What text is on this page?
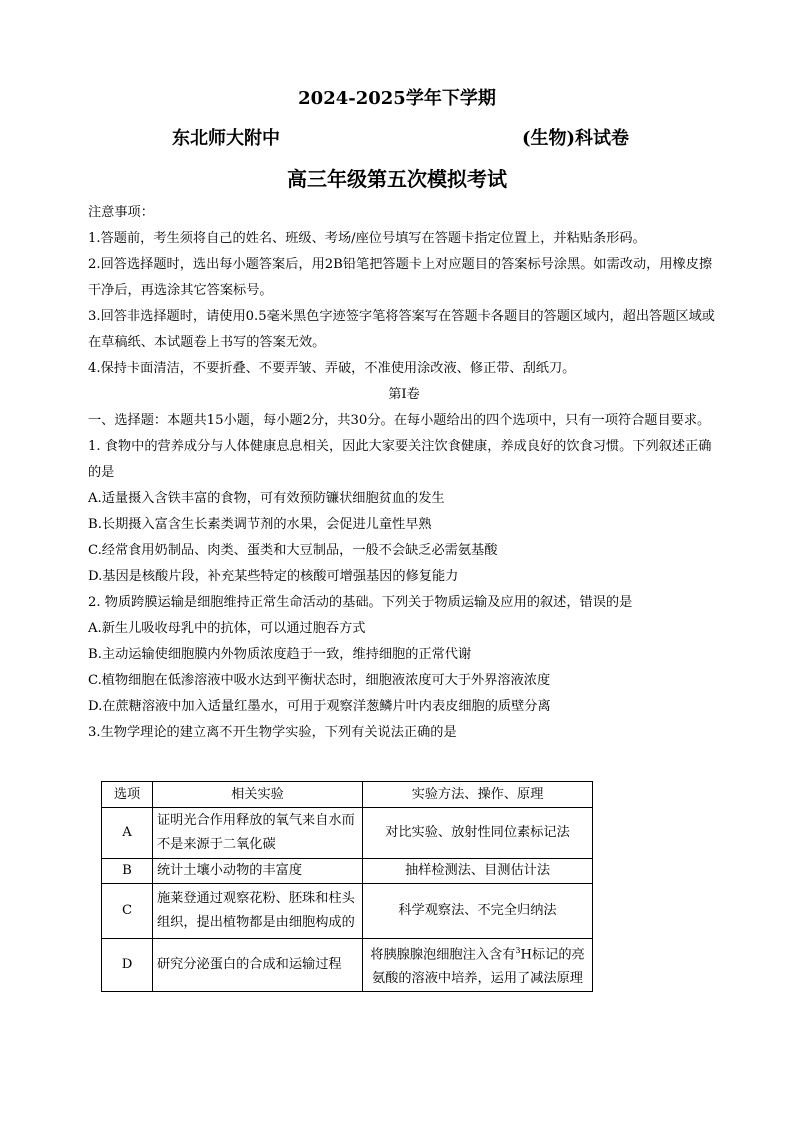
2024-2025学年下学期
东北师大附中	(生物)科试卷
高三年级第五次模拟考试

注意事项：

1.答题前，考生须将自己的姓名、班级、考场/座位号填写在答题卡指定位置上，并粘贴条形码。

2.回答选择题时，选出每小题答案后，用2B铅笔把答题卡上对应题目的答案标号涂黑。如需改动，用橡皮擦干净后，再选涂其它答案标号。

3.回答非选择题时，请使用0.5毫米黑色字迹签字笔将答案写在答题卡各题目的答题区域内，超出答题区域或在草稿纸、本试题卷上书写的答案无效。

4.保持卡面清洁，不要折叠、不要弄皱、弄破，不准使用涂改液、修正带、刮纸刀。

第Ⅰ卷

一、选择题：本题共15小题，每小题2分，共30分。在每小题给出的四个选项中，只有一项符合题目要求。

1. 食物中的营养成分与人体健康息息相关，因此大家要关注饮食健康，养成良好的饮食习惯。下列叙述正确的是

A.适量摄入含铁丰富的食物，可有效预防镰状细胞贫血的发生

B.长期摄入富含生长素类调节剂的水果，会促进儿童性早熟

C.经常食用奶制品、肉类、蛋类和大豆制品，一般不会缺乏必需氨基酸

D.基因是核酸片段，补充某些特定的核酸可增强基因的修复能力

2. 物质跨膜运输是细胞维持正常生命活动的基础。下列关于物质运输及应用的叙述，错误的是

A.新生儿吸收母乳中的抗体，可以通过胞吞方式

B.主动运输使细胞膜内外物质浓度趋于一致，维持细胞的正常代谢

C.植物细胞在低渗溶液中吸水达到平衡状态时，细胞液浓度可大于外界溶液浓度

D.在蔗糖溶液中加入适量红墨水，可用于观察洋葱鳞片叶内表皮细胞的质壁分离

3.生物学理论的建立离不开生物学实验，下列有关说法正确的是

选项	相关实验	实验方法、操作、原理
A	证明光合作用释放的氧气来自水而不是来源于二氧化碳	对比实验、放射性同位素标记法
B	统计土壤小动物的丰富度	抽样检测法、目测估计法
C	施莱登通过观察花粉、胚珠和柱头组织，提出植物都是由细胞构成的	科学观察法、不完全归纳法
D	研究分泌蛋白的合成和运输过程	将胰腺腺泡细胞注入含有$^3$H标记的亮氨酸的溶液中培养，运用了减法原理
